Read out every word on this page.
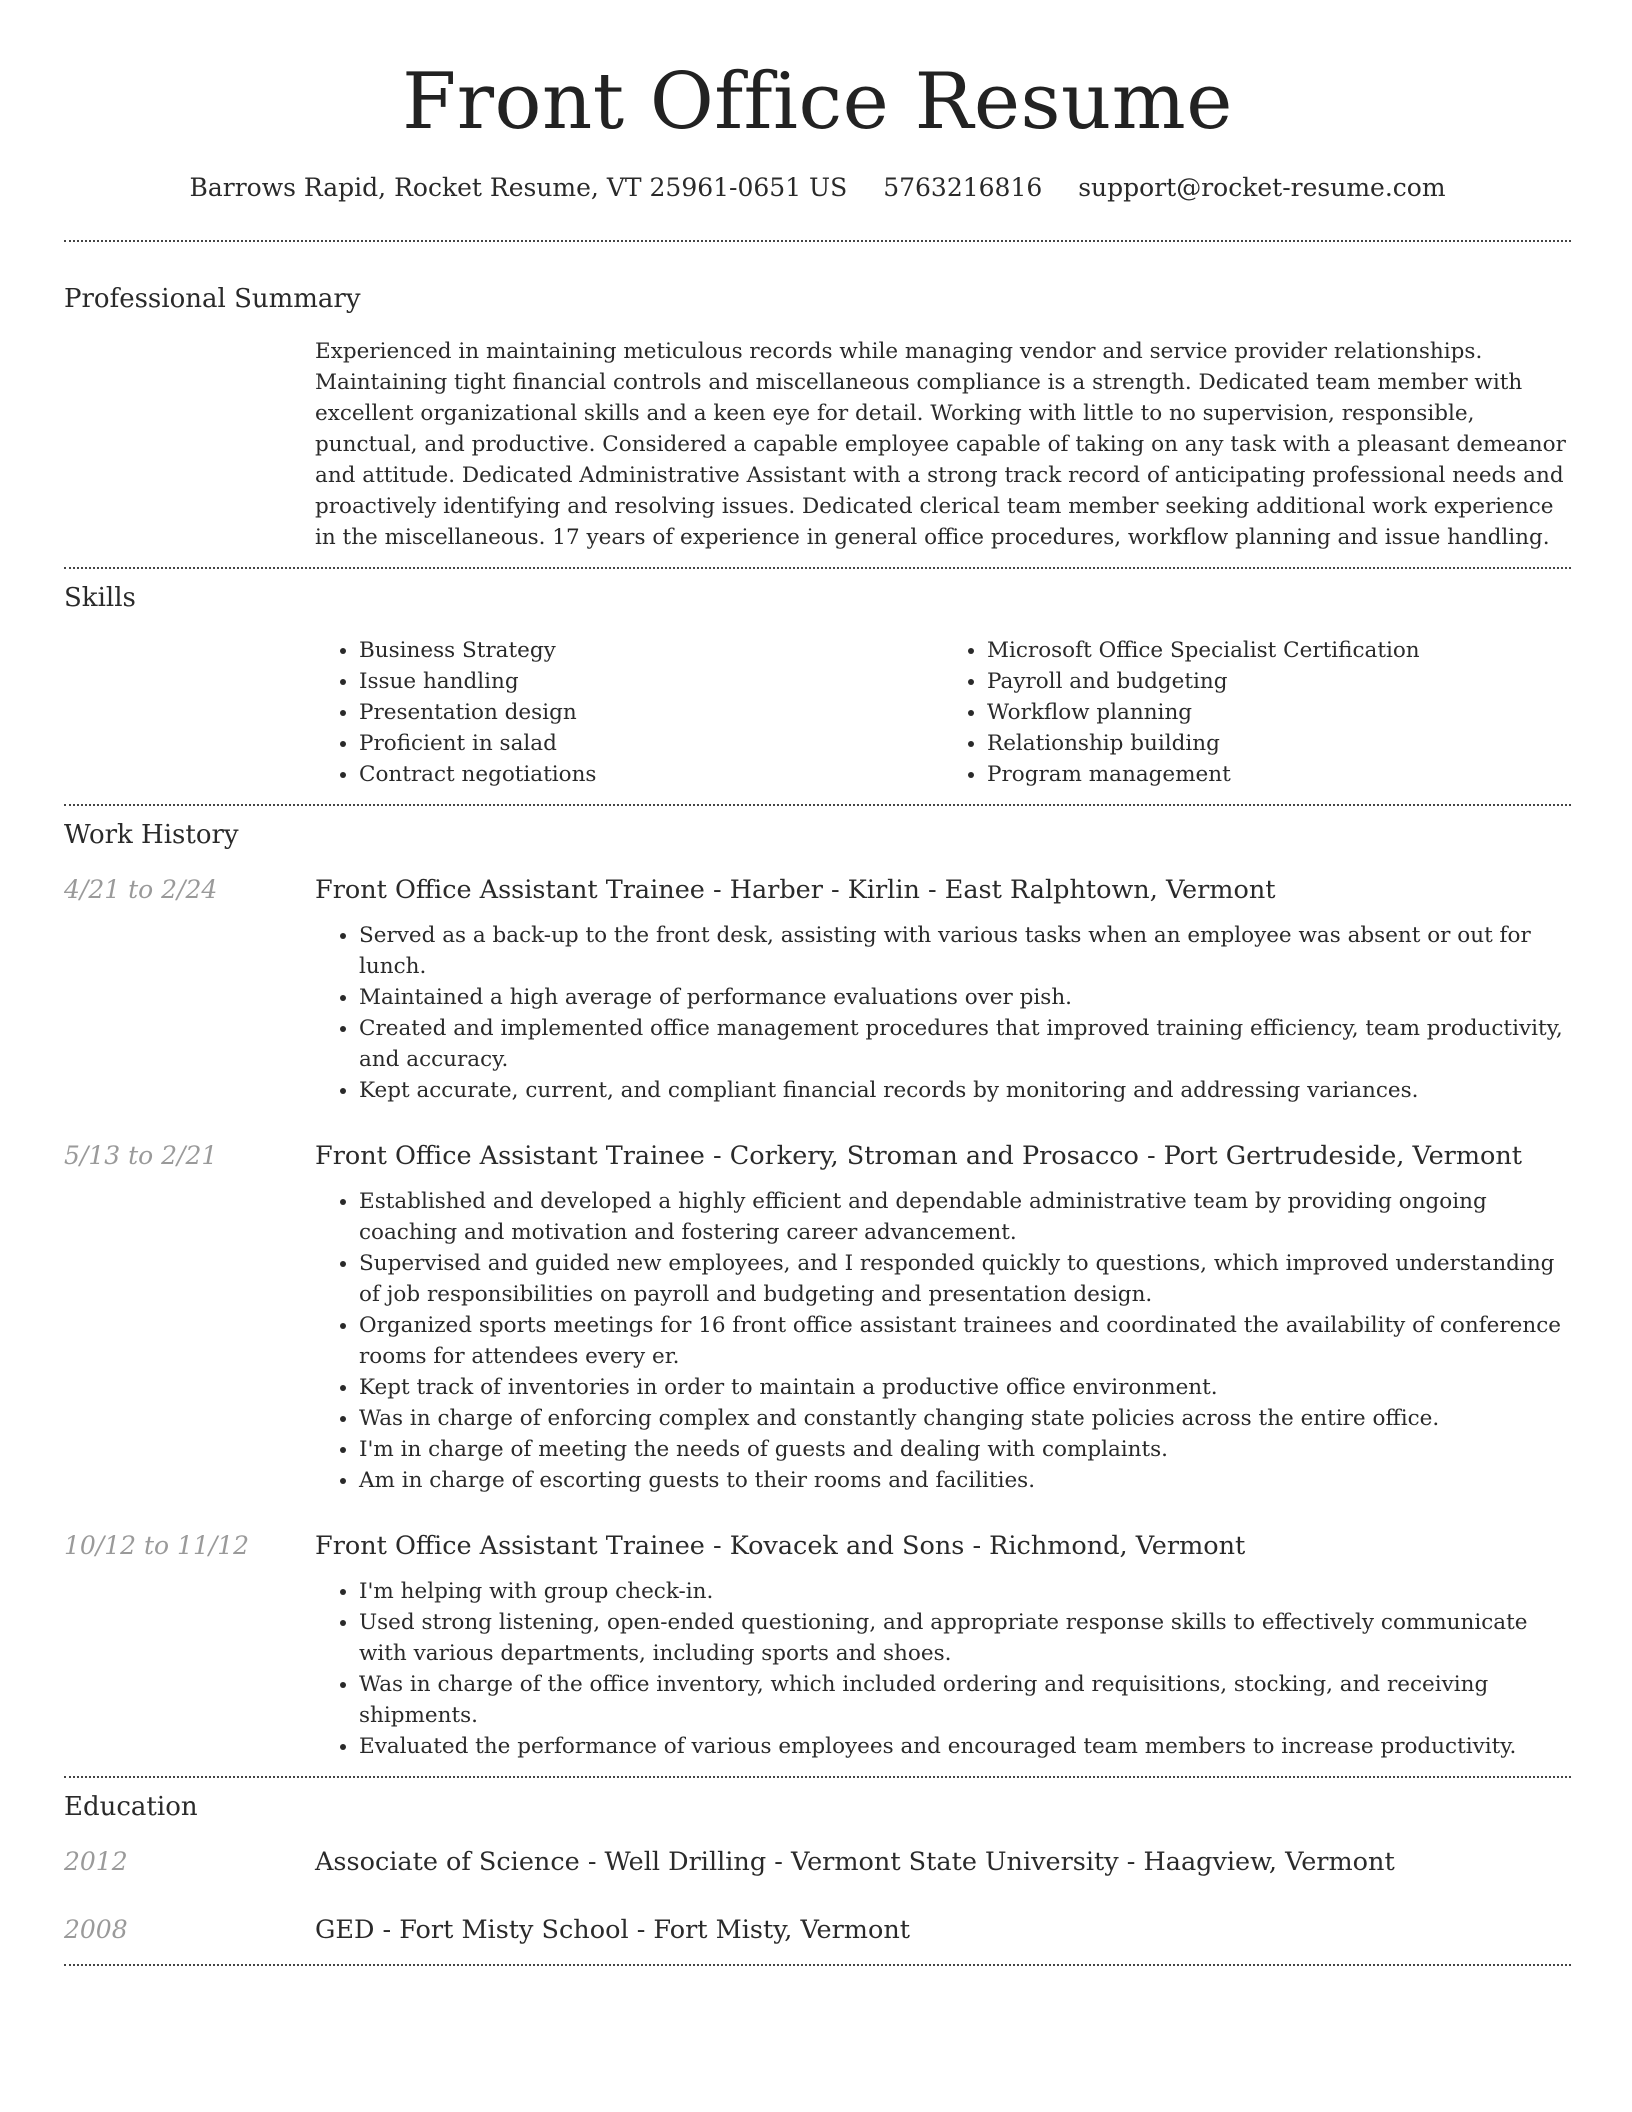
Front Office Resume
Barrows Rapid, Rocket Resume, VT 25961-0651 US 5763216816 support@rocket-resume.com
Professional Summary
Experienced in maintaining meticulous records while managing vendor and service provider relationships. Maintaining tight financial controls and miscellaneous compliance is a strength. Dedicated team member with excellent organizational skills and a keen eye for detail. Working with little to no supervision, responsible, punctual, and productive. Considered a capable employee capable of taking on any task with a pleasant demeanor and attitude. Dedicated Administrative Assistant with a strong track record of anticipating professional needs and proactively identifying and resolving issues. Dedicated clerical team member seeking additional work experience in the miscellaneous. 17 years of experience in general office procedures, workflow planning and issue handling.
Skills
• Business Strategy
• Issue handling
• Presentation design
• Proficient in salad
• Contract negotiations
• Microsoft Office Specialist Certification
• Payroll and budgeting
• Workflow planning
• Relationship building
• Program management
Work History
4/21 to 2/24	Front Office Assistant Trainee - Harber - Kirlin - East Ralphtown, Vermont
• Served as a back-up to the front desk, assisting with various tasks when an employee was absent or out for lunch.
• Maintained a high average of performance evaluations over pish.
• Created and implemented office management procedures that improved training efficiency, team productivity, and accuracy.
• Kept accurate, current, and compliant financial records by monitoring and addressing variances.
5/13 to 2/21	Front Office Assistant Trainee - Corkery, Stroman and Prosacco - Port Gertrudeside, Vermont
• Established and developed a highly efficient and dependable administrative team by providing ongoing coaching and motivation and fostering career advancement.
• Supervised and guided new employees, and I responded quickly to questions, which improved understanding of job responsibilities on payroll and budgeting and presentation design.
• Organized sports meetings for 16 front office assistant trainees and coordinated the availability of conference rooms for attendees every er.
• Kept track of inventories in order to maintain a productive office environment.
• Was in charge of enforcing complex and constantly changing state policies across the entire office.
• I'm in charge of meeting the needs of guests and dealing with complaints.
• Am in charge of escorting guests to their rooms and facilities.
10/12 to 11/12	Front Office Assistant Trainee - Kovacek and Sons - Richmond, Vermont
• I'm helping with group check-in.
• Used strong listening, open-ended questioning, and appropriate response skills to effectively communicate with various departments, including sports and shoes.
• Was in charge of the office inventory, which included ordering and requisitions, stocking, and receiving shipments.
• Evaluated the performance of various employees and encouraged team members to increase productivity.
Education
2012	Associate of Science - Well Drilling - Vermont State University - Haagview, Vermont
2008	GED - Fort Misty School - Fort Misty, Vermont
